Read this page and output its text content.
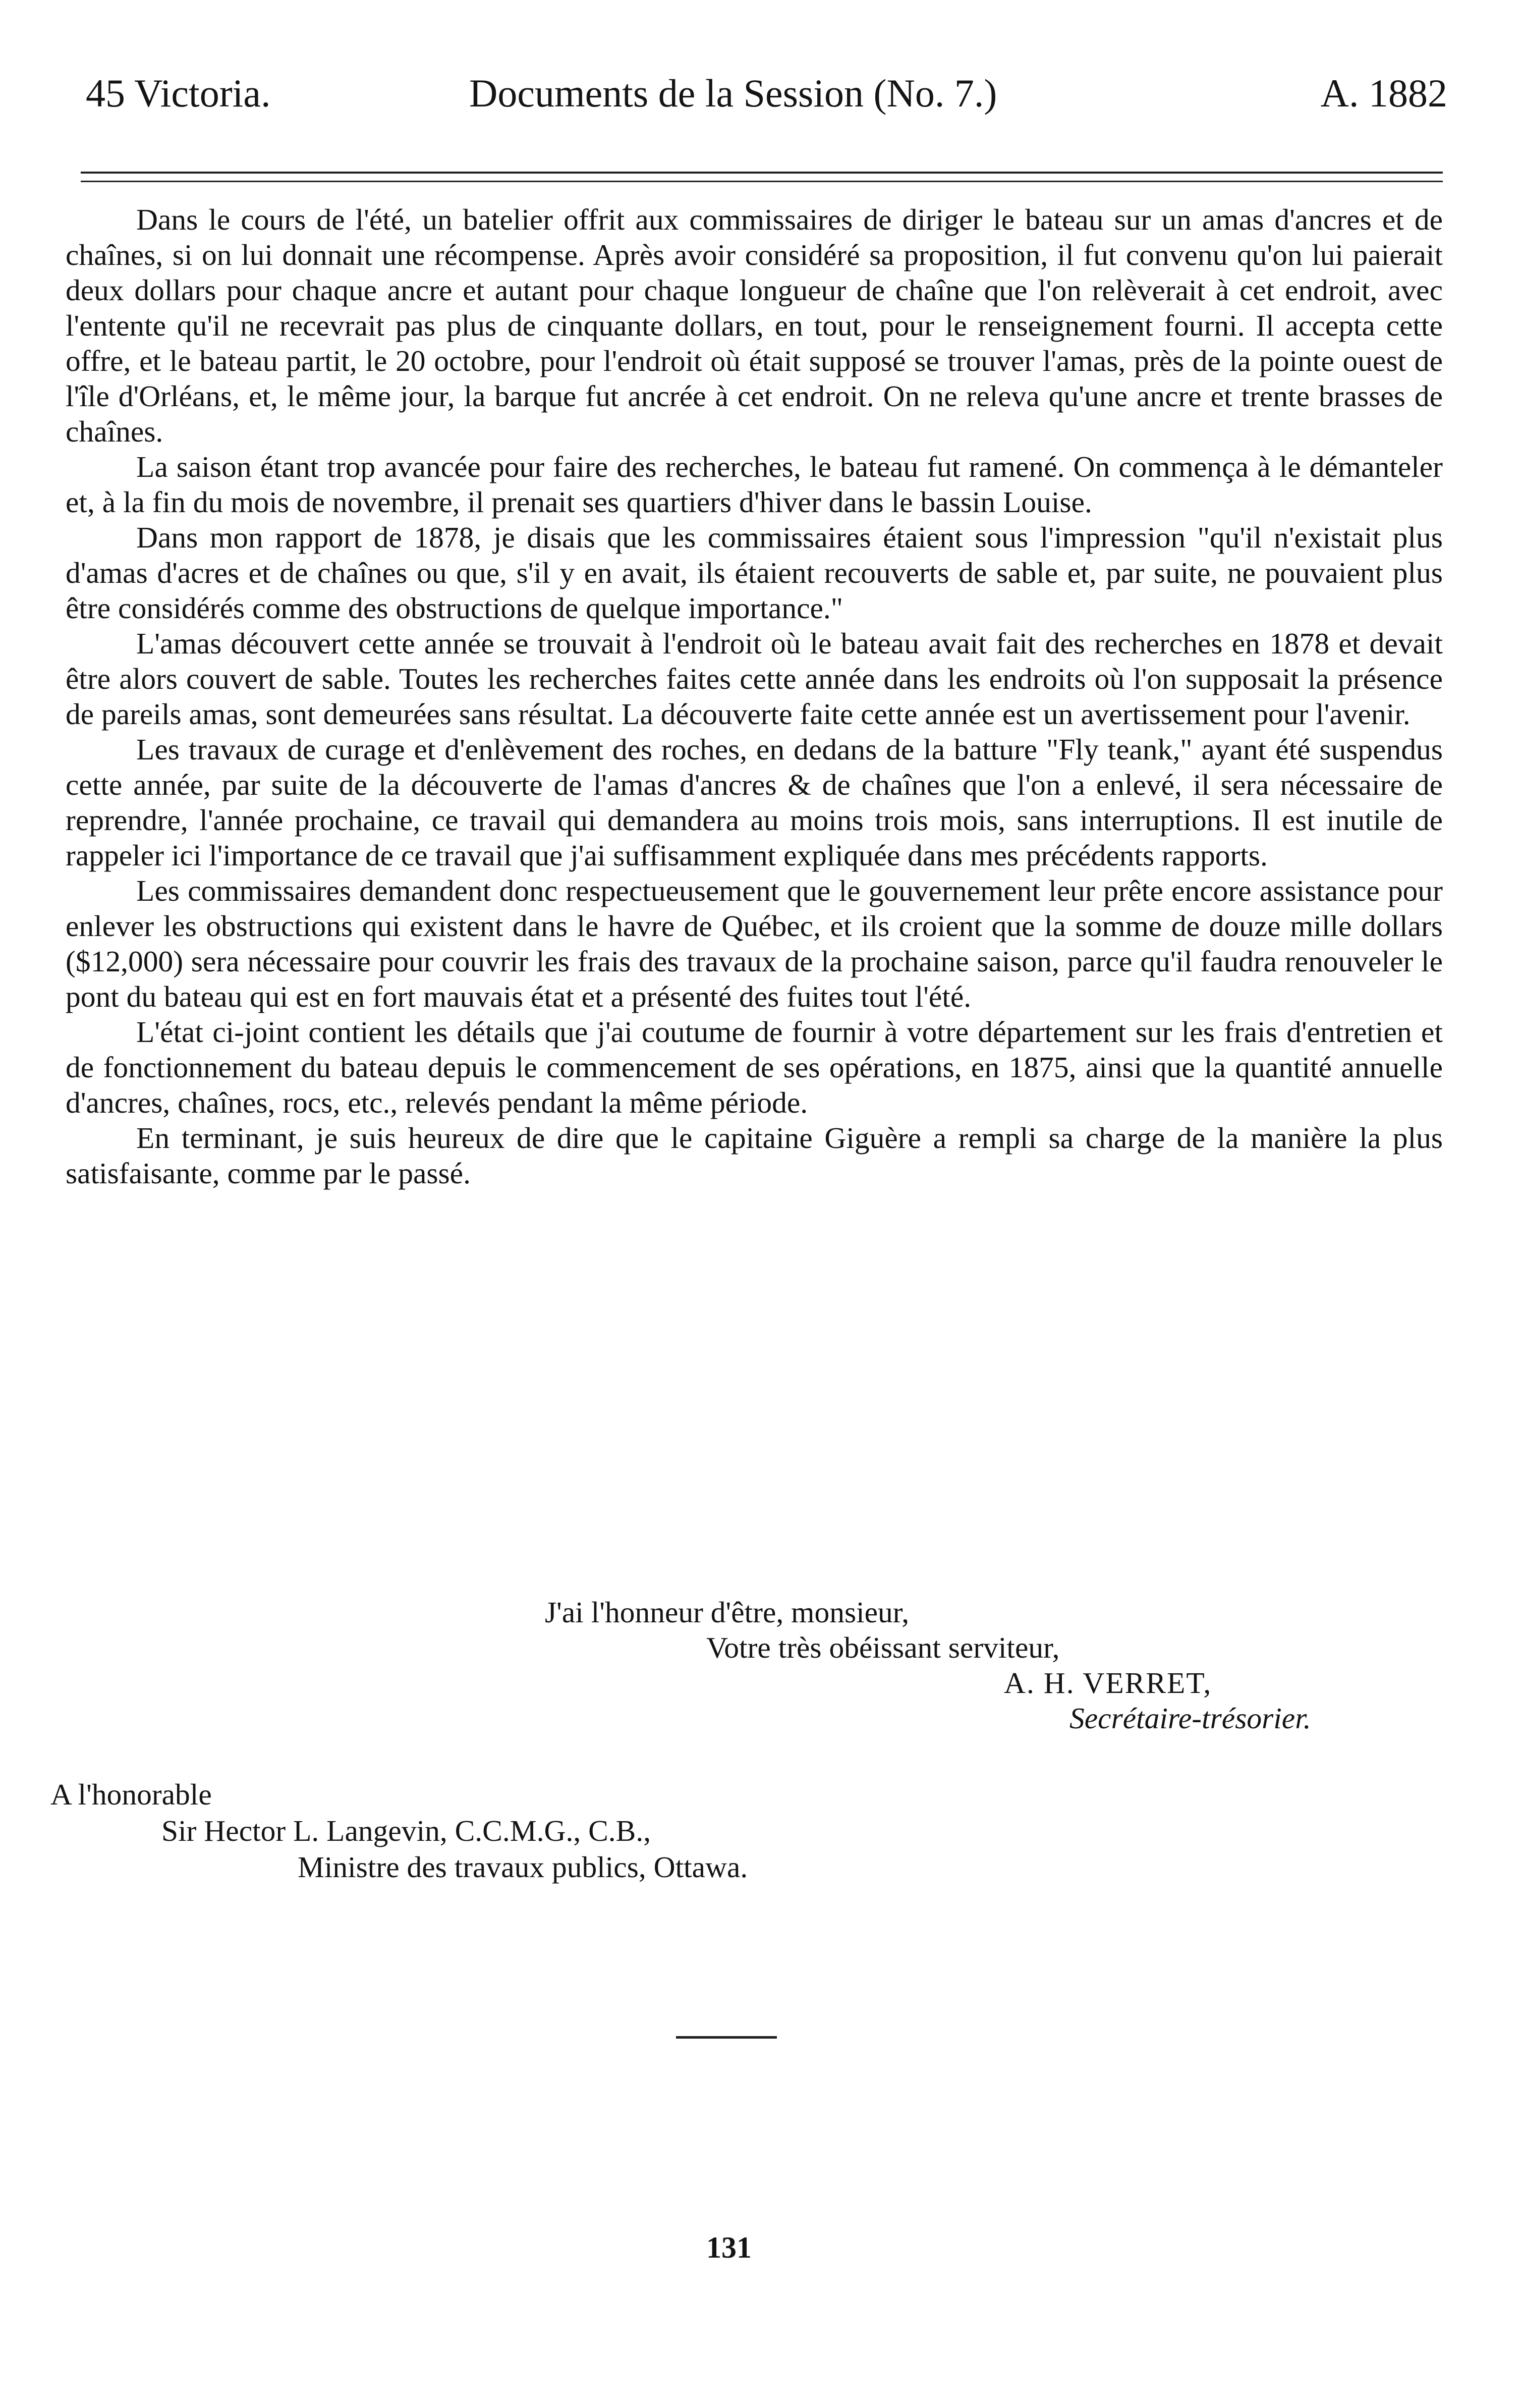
45 Victoria.	Documents de la Session (No. 7.)	A. 1882

Dans le cours de l'été, un batelier offrit aux commissaires de diriger le bateau sur un amas d'ancres et de chaînes, si on lui donnait une récompense. Après avoir considéré sa proposition, il fut convenu qu'on lui paierait deux dollars pour chaque ancre et autant pour chaque longueur de chaîne que l'on relèverait à cet endroit, avec l'entente qu'il ne recevrait pas plus de cinquante dollars, en tout, pour le renseignement fourni. Il accepta cette offre, et le bateau partit, le 20 octobre, pour l'endroit où était supposé se trouver l'amas, près de la pointe ouest de l'île d'Orléans, et, le même jour, la barque fut ancrée à cet endroit. On ne releva qu'une ancre et trente brasses de chaînes.

La saison étant trop avancée pour faire des recherches, le bateau fut ramené. On commença à le démanteler et, à la fin du mois de novembre, il prenait ses quartiers d'hiver dans le bassin Louise.

Dans mon rapport de 1878, je disais que les commissaires étaient sous l'impression "qu'il n'existait plus d'amas d'acres et de chaînes ou que, s'il y en avait, ils étaient recouverts de sable et, par suite, ne pouvaient plus être considérés comme des obstructions de quelque importance."

L'amas découvert cette année se trouvait à l'endroit où le bateau avait fait des recherches en 1878 et devait être alors couvert de sable. Toutes les recherches faites cette année dans les endroits où l'on supposait la présence de pareils amas, sont demeurées sans résultat. La découverte faite cette année est un avertissement pour l'avenir.

Les travaux de curage et d'enlèvement des roches, en dedans de la batture "Fly teank," ayant été suspendus cette année, par suite de la découverte de l'amas d'ancres & de chaînes que l'on a enlevé, il sera nécessaire de reprendre, l'année prochaine, ce travail qui demandera au moins trois mois, sans interruptions. Il est inutile de rappeler ici l'importance de ce travail que j'ai suffisamment expliquée dans mes précédents rapports.

Les commissaires demandent donc respectueusement que le gouvernement leur prête encore assistance pour enlever les obstructions qui existent dans le havre de Québec, et ils croient que la somme de douze mille dollars ($12,000) sera nécessaire pour couvrir les frais des travaux de la prochaine saison, parce qu'il faudra renouveler le pont du bateau qui est en fort mauvais état et a présenté des fuites tout l'été.

L'état ci-joint contient les détails que j'ai coutume de fournir à votre département sur les frais d'entretien et de fonctionnement du bateau depuis le commencement de ses opérations, en 1875, ainsi que la quantité annuelle d'ancres, chaînes, rocs, etc., relevés pendant la même période.

En terminant, je suis heureux de dire que le capitaine Giguère a rempli sa charge de la manière la plus satisfaisante, comme par le passé.

J'ai l'honneur d'être, monsieur,
Votre très obéissant serviteur,
A. H. VERRET,
Secrétaire-trésorier.
A l'honorable
Sir Hector L. Langevin, C.C.M.G., C.B.,
Ministre des travaux publics, Ottawa.
131
